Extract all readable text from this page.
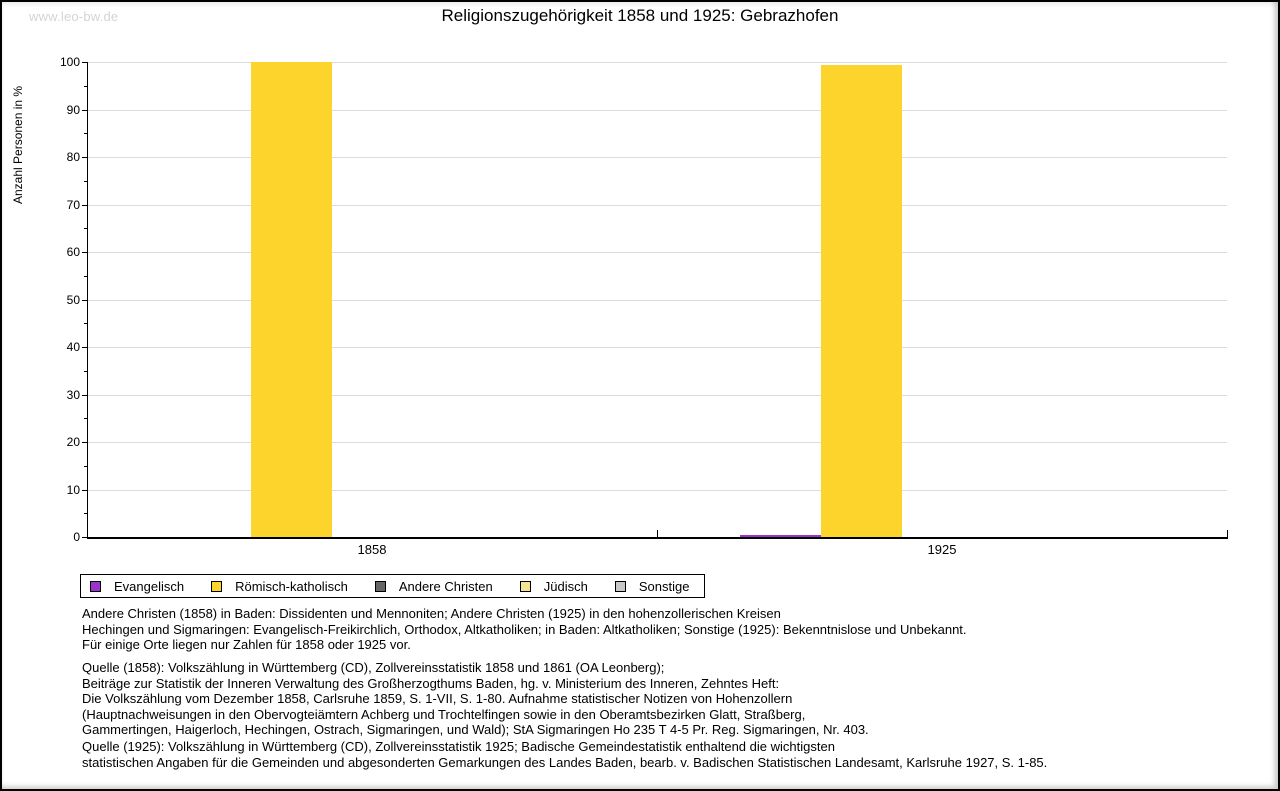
www.leo-bw.de	Religionszugehörigkeit 1858 und 1925: Gebrazhofen
Anzahl Personen in %
0
10
20
30
40
50
60
70
80
90
100
1858	1925
Evangelisch	Römisch-katholisch	Andere Christen	Jüdisch	Sonstige
Andere Christen (1858) in Baden: Dissidenten und Mennoniten; Andere Christen (1925) in den hohenzollerischen Kreisen
Hechingen und Sigmaringen: Evangelisch-Freikirchlich, Orthodox, Altkatholiken; in Baden: Altkatholiken; Sonstige (1925): Bekenntnislose und Unbekannt.
Für einige Orte liegen nur Zahlen für 1858 oder 1925 vor.
Quelle (1858): Volkszählung in Württemberg (CD), Zollvereinsstatistik 1858 und 1861 (OA Leonberg);
Beiträge zur Statistik der Inneren Verwaltung des Großherzogthums Baden, hg. v. Ministerium des Inneren, Zehntes Heft:
Die Volkszählung vom Dezember 1858, Carlsruhe 1859, S. 1-VII, S. 1-80. Aufnahme statistischer Notizen von Hohenzollern
(Hauptnachweisungen in den Obervogteiämtern Achberg und Trochtelfingen sowie in den Oberamtsbezirken Glatt, Straßberg,
Gammertingen, Haigerloch, Hechingen, Ostrach, Sigmaringen, und Wald); StA Sigmaringen Ho 235 T 4-5 Pr. Reg. Sigmaringen, Nr. 403.
Quelle (1925): Volkszählung in Württemberg (CD), Zollvereinsstatistik 1925; Badische Gemeindestatistik enthaltend die wichtigsten
statistischen Angaben für die Gemeinden und abgesonderten Gemarkungen des Landes Baden, bearb. v. Badischen Statistischen Landesamt, Karlsruhe 1927, S. 1-85.
